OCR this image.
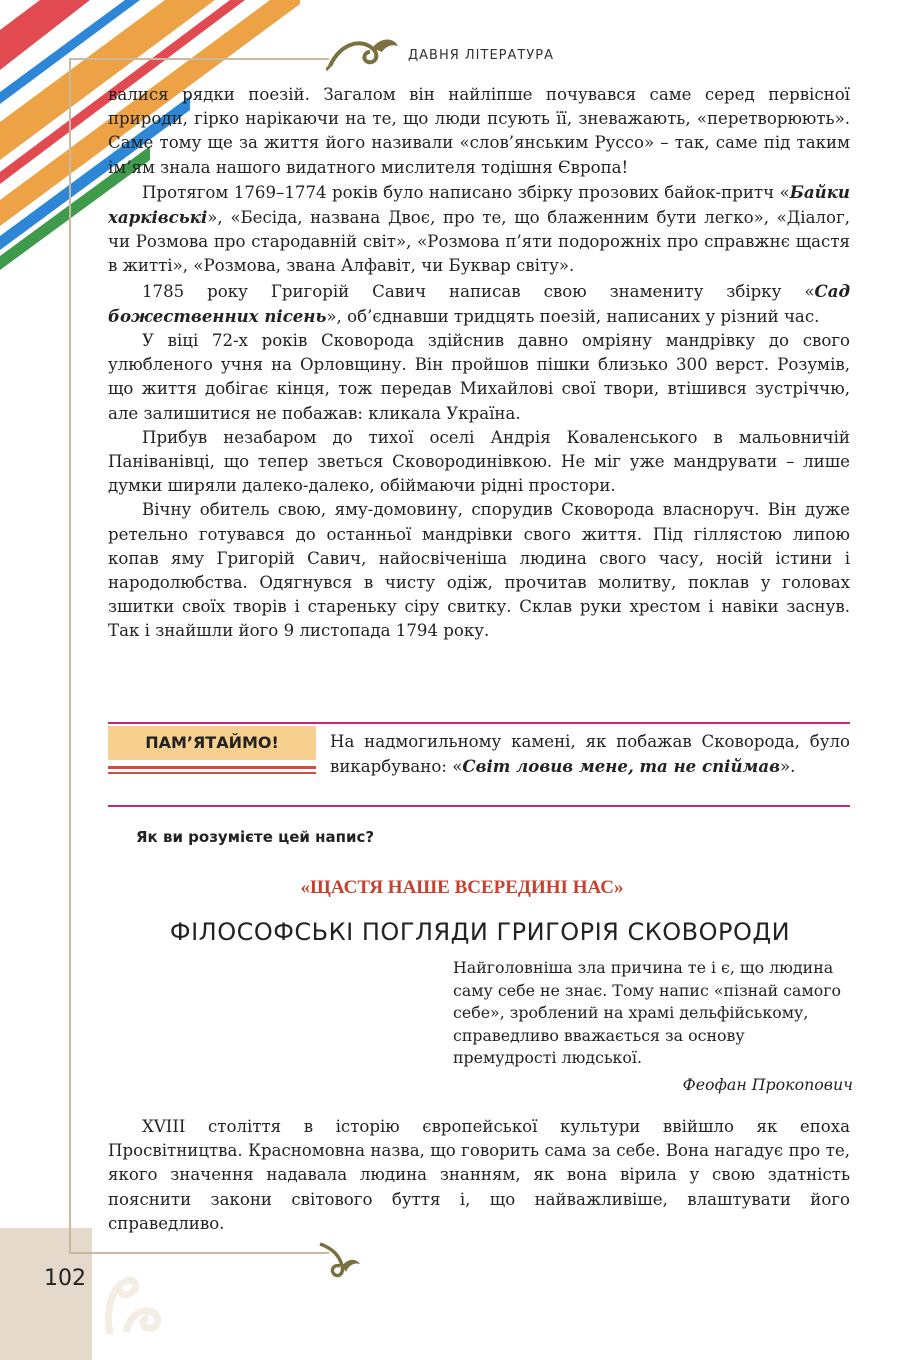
ДАВНЯ ЛІТЕРАТУРА

валися рядки поезій. Загалом він найліпше почувався саме серед первісної природи, гірко нарікаючи на те, що люди псують її, зневажають, «перетворюють». Саме тому ще за життя його називали «слов’янським Руссо» – так, саме під таким ім’ям знала нашого видатного мислителя тодішня Європа!

Протягом 1769–1774 років було написано збірку прозових байок-притч «Байки харківські», «Бесіда, названа Двоє, про те, що блаженним бути легко», «Діалог, чи Розмова про стародавній світ», «Розмова п’яти подорожніх про справжнє щастя в житті», «Розмова, звана Алфавіт, чи Буквар світу».

1785 року Григорій Савич написав свою знамениту збірку «Сад божественних пісень», об’єднавши тридцять поезій, написаних у різний час.

У віці 72-х років Сковорода здійснив давно омріяну мандрівку до свого улюбленого учня на Орловщину. Він пройшов пішки близько 300 верст. Розумів, що життя добігає кінця, тож передав Михайлові свої твори, втішився зустріччю, але залишитися не побажав: кликала Україна.

Прибув незабаром до тихої оселі Андрія Коваленського в мальовничій Паніванівці, що тепер зветься Сковородинівкою. Не міг уже мандрувати – лише думки ширяли далеко-далеко, обіймаючи рідні простори.

Вічну обитель свою, яму-домовину, спорудив Сковорода власноруч. Він дуже ретельно готувався до останньої мандрівки свого життя. Під гіллястою липою копав яму Григорій Савич, найосвіченіша людина свого часу, носій істини і народолюбства. Одягнувся в чисту одіж, прочитав молитву, поклав у головах зшитки своїх творів і стареньку сіру свитку. Склав руки хрестом і навіки заснув. Так і знайшли його 9 листопада 1794 року.

ПАМ’ЯТАЙМО!	На надмогильному камені, як побажав Сковорода, було викарбувано: «Світ ловив мене, та не спіймав».
Як ви розумієте цей напис?
«ЩАСТЯ НАШЕ ВСЕРЕДИНІ НАС»
ФІЛОСОФСЬКІ ПОГЛЯДИ ГРИГОРІЯ СКОВОРОДИ
Найголовніша зла причина те і є, що людина саму себе не знає. Тому напис «пізнай самого себе», зроблений на храмі дельфійському, справедливо вважається за основу премудрості людської.
Феофан Прокопович

XVIII століття в історію європейської культури ввійшло як епоха Просвітництва. Красномовна назва, що говорить сама за себе. Вона нагадує про те, якого значення надавала людина знанням, як вона вірила у свою здатність пояснити закони світового буття і, що найважливіше, влаштувати його справедливо.

102
